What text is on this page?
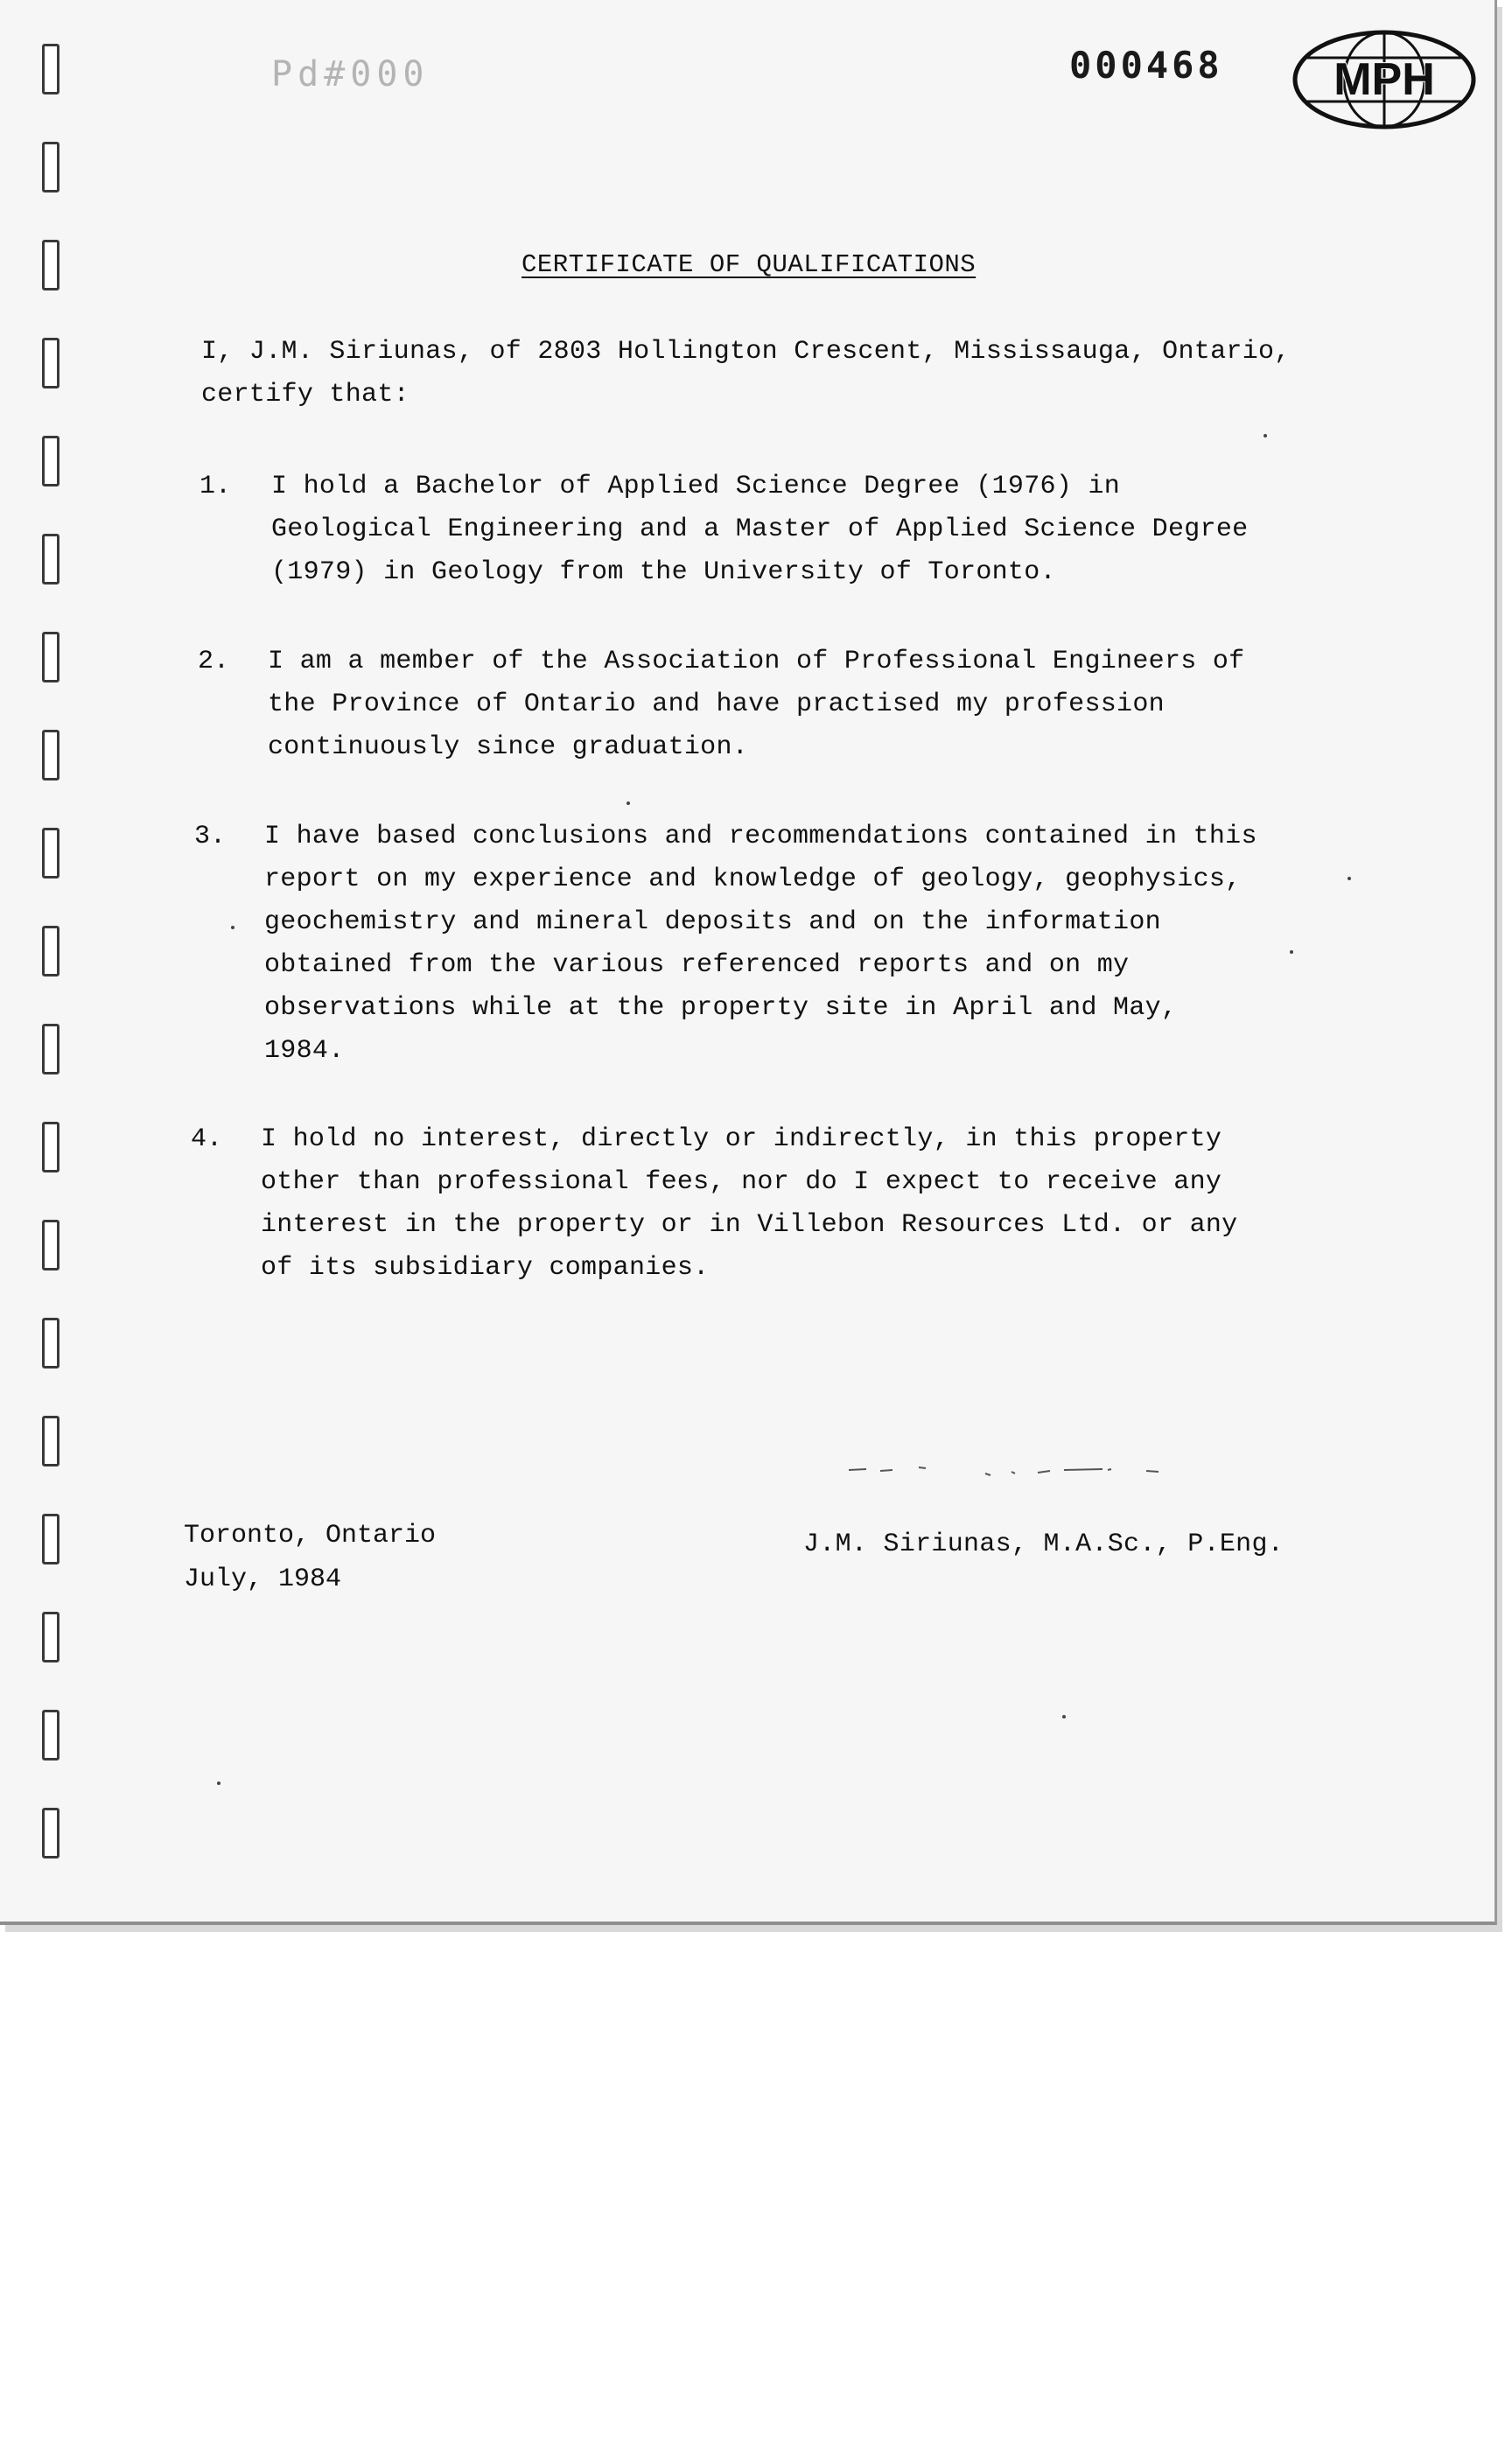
Pd#000	000468 MPH
CERTIFICATE OF QUALIFICATIONS

I, J.M. Siriunas, of 2803 Hollington Crescent, Mississauga, Ontario, certify that:

1. I hold a Bachelor of Applied Science Degree (1976) in
Geological Engineering and a Master of Applied Science Degree
(1979) in Geology from the University of Toronto.
2. I am a member of the Association of Professional Engineers of
the Province of Ontario and have practised my profession
continuously since graduation.
3. I have based conclusions and recommendations contained in this
report on my experience and knowledge of geology, geophysics,
geochemistry and mineral deposits and on the information
obtained from the various referenced reports and on my
observations while at the property site in April and May,
1984.
4. I hold no interest, directly or indirectly, in this property
other than professional fees, nor do I expect to receive any
interest in the property or in Villebon Resources Ltd. or any
of its subsidiary companies.
Toronto, Ontario
July, 1984
J.M. Siriunas, M.A.Sc., P.Eng.
